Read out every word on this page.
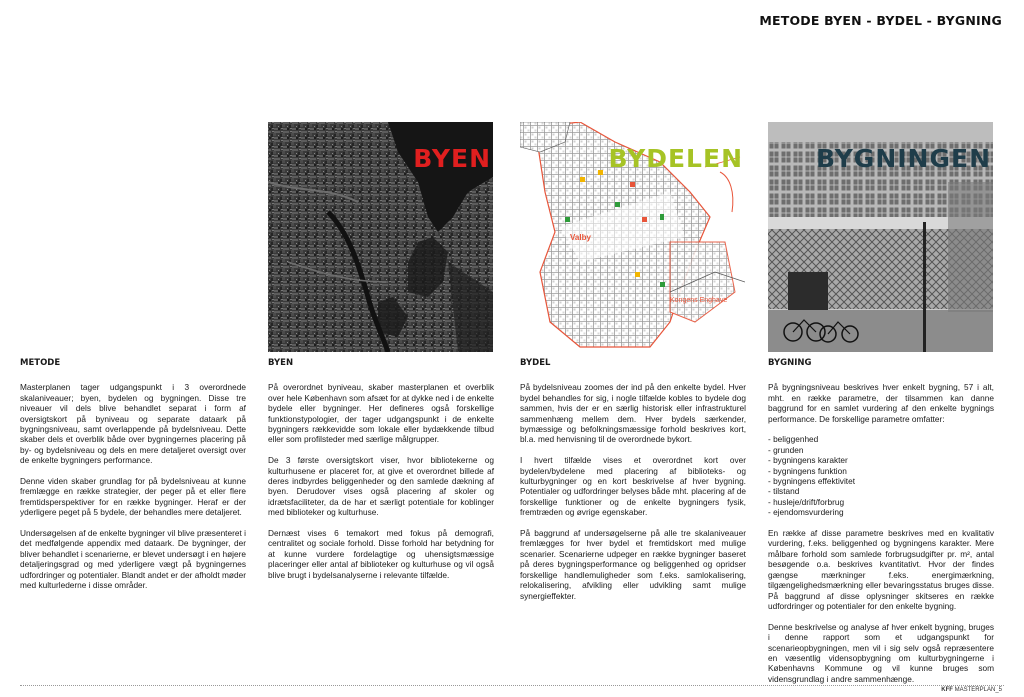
METODE BYEN - BYDEL - BYGNING
BYEN
Valby
Kongens Enghave
BYDELEN	BYGNINGEN
METODE

Masterplanen tager udgangspunkt i 3 overordnede skalaniveauer; byen, bydelen og bygningen. Disse tre niveauer vil dels blive behandlet separat i form af oversigtskort på byniveau og separate dataark på bygningsniveau, samt overlappende på bydelsniveau. Dette skaber dels et overblik både over bygningernes placering på by- og bydelsniveau og dels en mere detaljeret oversigt over de enkelte bygningers performance.

Denne viden skaber grundlag for på bydelsniveau at kunne fremlægge en række strategier, der peger på et eller flere fremtidsperspektiver for en række bygninger. Heraf er der yderligere peget på 5 bydele, der behandles mere detaljeret.

Undersøgelsen af de enkelte bygninger vil blive præsenteret i det medfølgende appendix med dataark. De bygninger, der bliver behandlet i scenarierne, er blevet undersøgt i en højere detaljeringsgrad og med yderligere vægt på bygningernes udfordringer og potentialer. Blandt andet er der afholdt møder med kulturlederne i disse områder.

BYEN

På overordnet byniveau, skaber masterplanen et overblik over hele København som afsæt for at dykke ned i de enkelte bydele eller bygninger. Her defineres også forskellige funktionstypologier, der tager udgangspunkt i de enkelte bygningers rækkevidde som lokale eller bydækkende tilbud eller som profilsteder med særlige målgrupper.

De 3 første oversigtskort viser, hvor bibliotekerne og kulturhusene er placeret for, at give et overordnet billede af deres indbyrdes beliggenheder og den samlede dækning af byen. Derudover vises også placering af skoler og idrætsfaciliteter, da de har et særligt potentiale for koblinger med biblioteker og kulturhuse.

Dernæst vises 6 temakort med fokus på demografi, centralitet og sociale forhold. Disse forhold har betydning for at kunne vurdere fordelagtige og uhensigtsmæssige placeringer eller antal af biblioteker og kulturhuse og vil også blive brugt i bydelsanalyserne i relevante tilfælde.

BYDEL

På bydelsniveau zoomes der ind på den enkelte bydel. Hver bydel behandles for sig, i nogle tilfælde kobles to bydele dog sammen, hvis der er en særlig historisk eller infrastrukturel sammenhæng mellem dem. Hver bydels særkender, bymæssige og befolkningsmæssige forhold beskrives kort, bl.a. med henvisning til de overordnede bykort.

I hvert tilfælde vises et overordnet kort over bydelen/bydelene med placering af biblioteks- og kulturbygninger og en kort beskrivelse af hver bygning. Potentialer og udfordringer belyses både mht. placering af de forskellige funktioner og de enkelte bygningers fysik, fremtræden og øvrige egenskaber.

På baggrund af undersøgelserne på alle tre skalaniveauer fremlægges for hver bydel et fremtidskort med mulige scenarier. Scenarierne udpeger en række bygninger baseret på deres bygningsperformance og beliggenhed og opridser forskellige handlemuligheder som f.eks. samlokalisering, relokalisering, afvikling eller udvikling samt mulige synergieffekter.

BYGNING

På bygningsniveau beskrives hver enkelt bygning, 57 i alt, mht. en række parametre, der tilsammen kan danne baggrund for en samlet vurdering af den enkelte bygnings performance. De forskellige parametre omfatter:

- beliggenhed
- grunden
- bygningens karakter
- bygningens funktion
- bygningens effektivitet
- tilstand
- husleje/drift/forbrug
- ejendomsvurdering

En række af disse parametre beskrives med en kvalitativ vurdering, f.eks. beliggenhed og bygningens karakter. Mere målbare forhold som samlede forbrugsudgifter pr. m², antal besøgende o.a. beskrives kvantitativt. Hvor der findes gængse mærkninger f.eks. energimærkning, tilgængelighedsmærkning eller bevaringsstatus bruges disse. På baggrund af disse oplysninger skitseres en række udfordringer og potentialer for den enkelte bygning.

Denne beskrivelse og analyse af hver enkelt bygning, bruges i denne rapport som et udgangspunkt for scenarieopbygningen, men vil i sig selv også repræsentere en væsentlig vidensopbygning om kulturbygningerne i Københavns Kommune og vil kunne bruges som vidensgrundlag i andre sammenhænge.

KFF MASTERPLAN_5
